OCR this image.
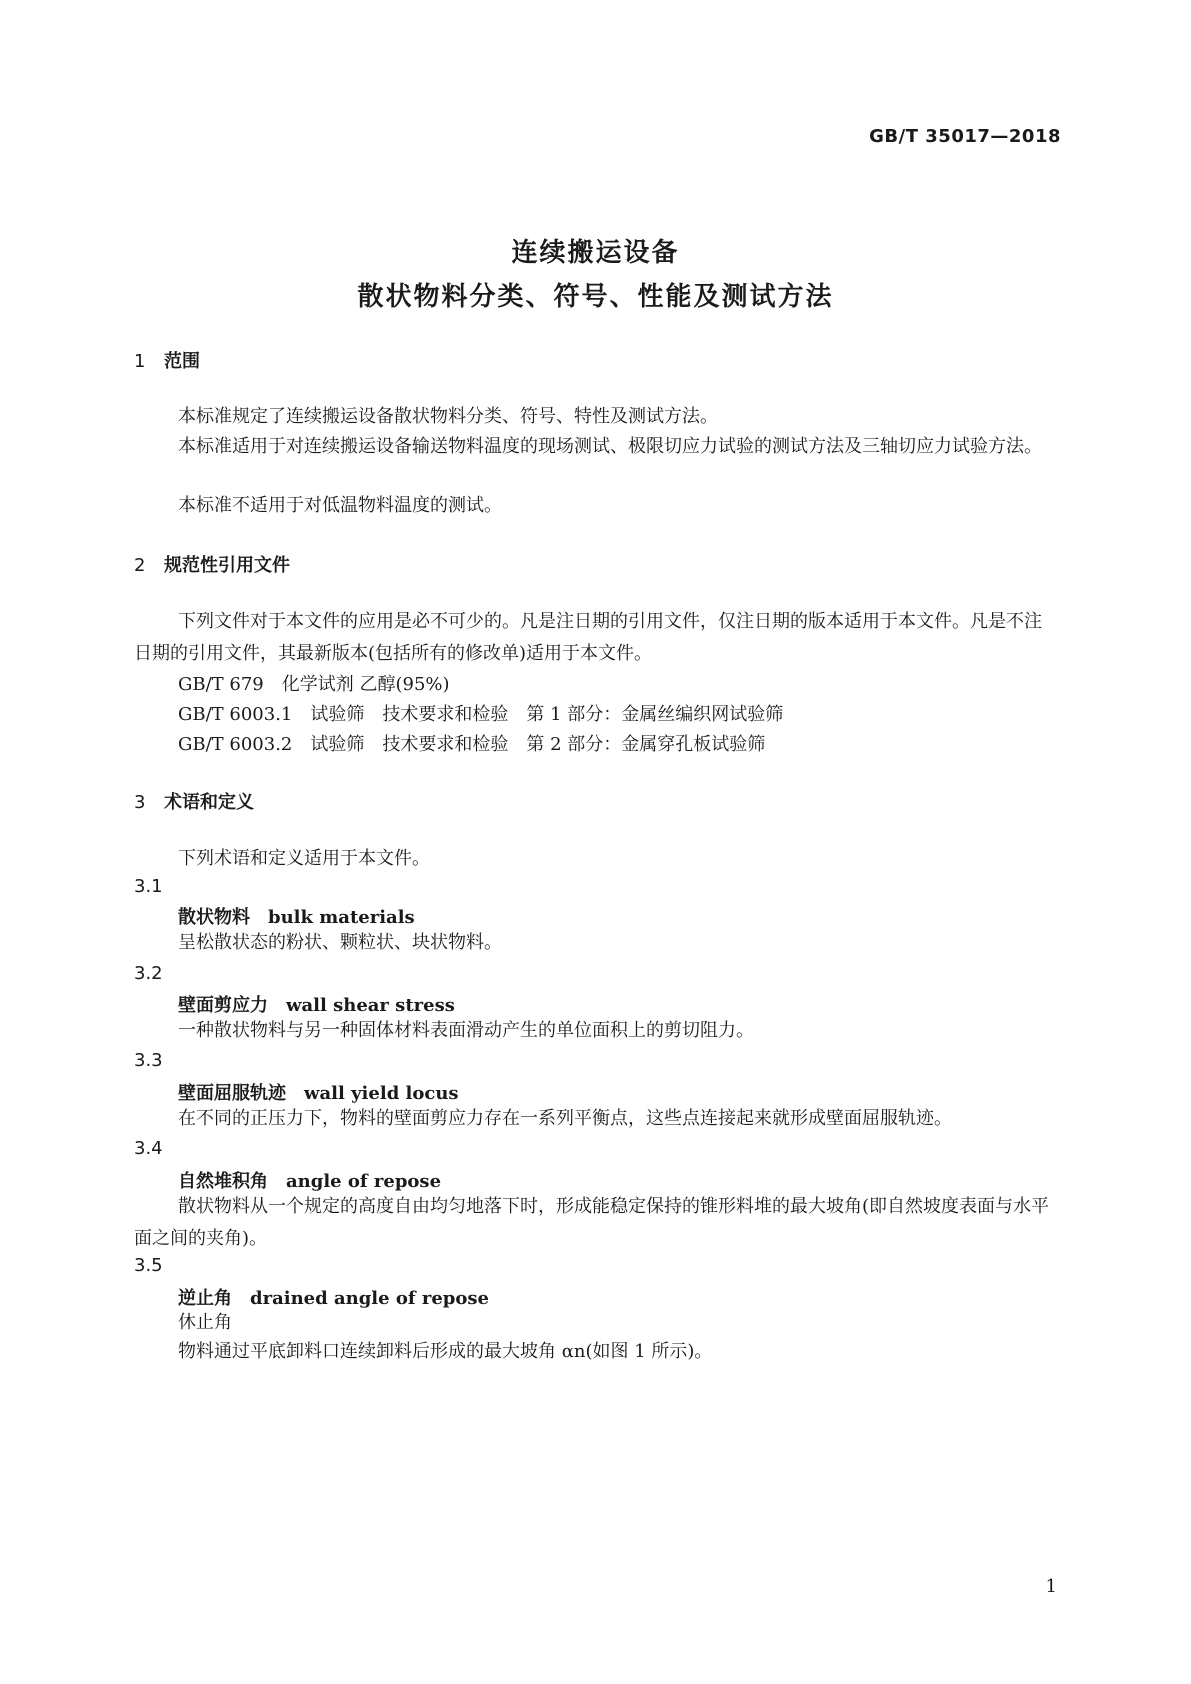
GB/T 35017—2018
连续搬运设备
散状物料分类、符号、性能及测试方法
1 范围
本标准规定了连续搬运设备散状物料分类、符号、特性及测试方法。
本标准适用于对连续搬运设备输送物料温度的现场测试、极限切应力试验的测试方法及三轴切应力试验方法。
本标准不适用于对低温物料温度的测试。
2 规范性引用文件
下列文件对于本文件的应用是必不可少的。凡是注日期的引用文件，仅注日期的版本适用于本文件。凡是不注日期的引用文件，其最新版本(包括所有的修改单)适用于本文件。
GB/T 679　化学试剂 乙醇(95%)
GB/T 6003.1　试验筛　技术要求和检验　第 1 部分：金属丝编织网试验筛
GB/T 6003.2　试验筛　技术要求和检验　第 2 部分：金属穿孔板试验筛
3 术语和定义
下列术语和定义适用于本文件。
3.1
散状物料 bulk materials
呈松散状态的粉状、颗粒状、块状物料。
3.2
壁面剪应力 wall shear stress
一种散状物料与另一种固体材料表面滑动产生的单位面积上的剪切阻力。
3.3
壁面屈服轨迹 wall yield locus
在不同的正压力下，物料的壁面剪应力存在一系列平衡点，这些点连接起来就形成壁面屈服轨迹。
3.4
自然堆积角 angle of repose
散状物料从一个规定的高度自由均匀地落下时，形成能稳定保持的锥形料堆的最大坡角(即自然坡度表面与水平面之间的夹角)。
3.5
逆止角 drained angle of repose
休止角
物料通过平底卸料口连续卸料后形成的最大坡角 αn(如图 1 所示)。
1
